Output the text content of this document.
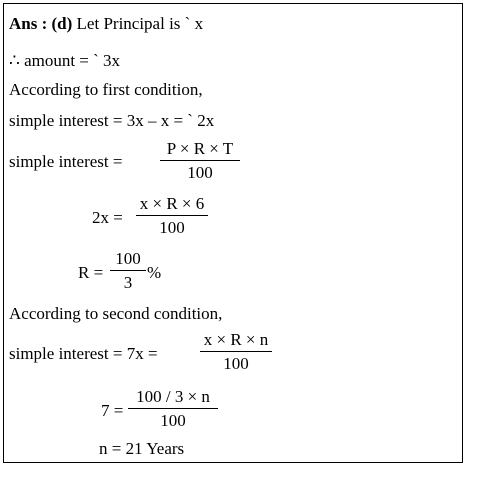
Ans : (d) Let Principal is ` x
∴ amount = ` 3x
According to first condition,
simple interest = 3x – x = ` 2x
simple interest =
P × R × T
100
2x =
x × R × 6
100
R =
100
3
%
According to second condition,
simple interest = 7x =
x × R × n
100
7 =
100 / 3 × n
100
n = 21 Years
